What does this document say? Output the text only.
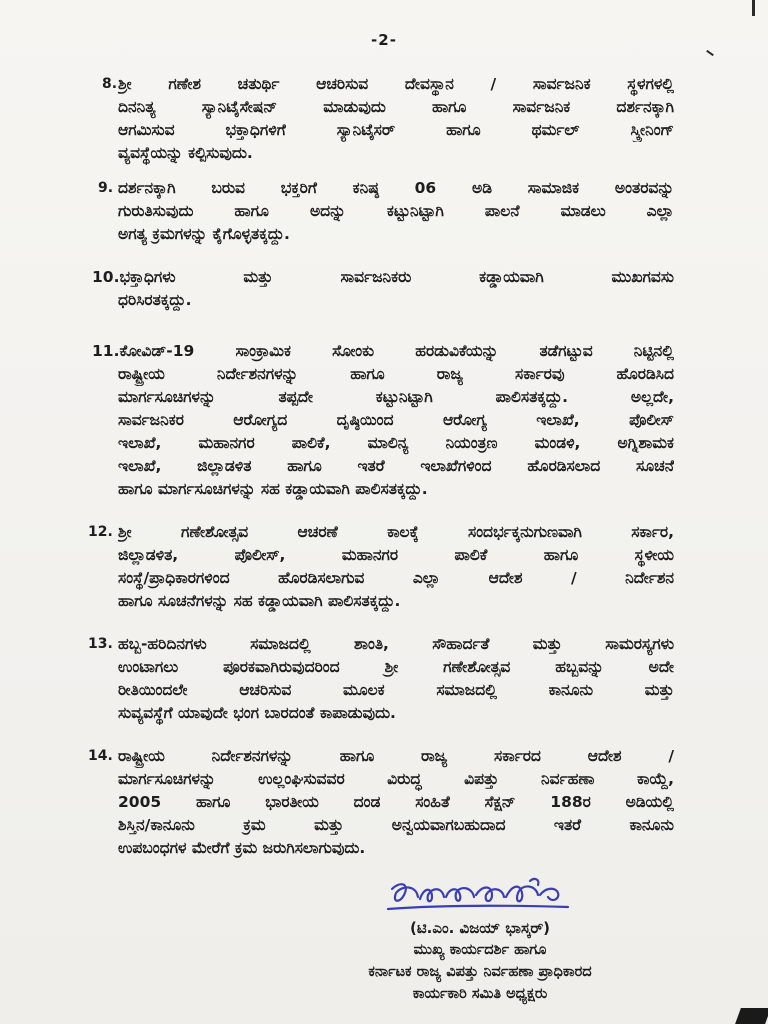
-2-
8. ಶ್ರೀ ಗಣೇಶ ಚತುರ್ಥಿ ಆಚರಿಸುವ ದೇವಸ್ಥಾನ / ಸಾರ್ವಜನಿಕ ಸ್ಥಳಗಳಲ್ಲಿ
ದಿನನಿತ್ಯ ಸ್ಯಾನಿಟೈಸೇಷನ್ ಮಾಡುವುದು ಹಾಗೂ ಸಾರ್ವಜನಿಕ ದರ್ಶನಕ್ಕಾಗಿ
ಆಗಮಿಸುವ ಭಕ್ತಾಧಿಗಳಿಗೆ ಸ್ಯಾನಿಟೈಸರ್ ಹಾಗೂ ಥರ್ಮಲ್ ಸ್ಕ್ರೀನಿಂಗ್
ವ್ಯವಸ್ಥೆಯನ್ನು ಕಲ್ಪಿಸುವುದು.
9. ದರ್ಶನಕ್ಕಾಗಿ ಬರುವ ಭಕ್ತರಿಗೆ ಕನಿಷ್ಠ 06 ಅಡಿ ಸಾಮಾಜಿಕ ಅಂತರವನ್ನು
ಗುರುತಿಸುವುದು ಹಾಗೂ ಅದನ್ನು ಕಟ್ಟುನಿಟ್ಟಾಗಿ ಪಾಲನೆ ಮಾಡಲು ಎಲ್ಲಾ
ಅಗತ್ಯ ಕ್ರಮಗಳನ್ನು ಕೈಗೊಳ್ಳತಕ್ಕದ್ದು.
10.ಭಕ್ತಾಧಿಗಳು ಮತ್ತು ಸಾರ್ವಜನಿಕರು ಕಡ್ಡಾಯವಾಗಿ ಮುಖಗವಸು
ಧರಿಸಿರತಕ್ಕದ್ದು.
11.ಕೋವಿಡ್-19 ಸಾಂಕ್ರಾಮಿಕ ಸೋಂಕು ಹರಡುವಿಕೆಯನ್ನು ತಡೆಗಟ್ಟುವ ನಿಟ್ಟಿನಲ್ಲಿ
ರಾಷ್ಟ್ರೀಯ ನಿರ್ದೇಶನಗಳನ್ನು ಹಾಗೂ ರಾಜ್ಯ ಸರ್ಕಾರವು ಹೊರಡಿಸಿದ
ಮಾರ್ಗಸೂಚಿಗಳನ್ನು ತಪ್ಪದೇ ಕಟ್ಟುನಿಟ್ಟಾಗಿ ಪಾಲಿಸತಕ್ಕದ್ದು. ಅಲ್ಲದೇ,
ಸಾರ್ವಜನಿಕರ ಆರೋಗ್ಯದ ದೃಷ್ಠಿಯಿಂದ ಆರೋಗ್ಯ ಇಲಾಖೆ, ಪೊಲೀಸ್
ಇಲಾಖೆ, ಮಹಾನಗರ ಪಾಲಿಕೆ, ಮಾಲಿನ್ಯ ನಿಯಂತ್ರಣ ಮಂಡಳಿ, ಅಗ್ನಿಶಾಮಕ
ಇಲಾಖೆ, ಜಿಲ್ಲಾಡಳಿತ ಹಾಗೂ ಇತರೆ ಇಲಾಖೆಗಳಿಂದ ಹೊರಡಿಸಲಾದ ಸೂಚನೆ
ಹಾಗೂ ಮಾರ್ಗಸೂಚಿಗಳನ್ನು ಸಹ ಕಡ್ಡಾಯವಾಗಿ ಪಾಲಿಸತಕ್ಕದ್ದು.
12. ಶ್ರೀ ಗಣೇಶೋತ್ಸವ ಆಚರಣೆ ಕಾಲಕ್ಕೆ ಸಂದರ್ಭಕ್ಕನುಗುಣವಾಗಿ ಸರ್ಕಾರ,
ಜಿಲ್ಲಾಡಳಿತ, ಪೊಲೀಸ್, ಮಹಾನಗರ ಪಾಲಿಕೆ ಹಾಗೂ ಸ್ಥಳೀಯ
ಸಂಸ್ಥೆ/ಪ್ರಾಧಿಕಾರಗಳಿಂದ ಹೊರಡಿಸಲಾಗುವ ಎಲ್ಲಾ ಆದೇಶ / ನಿರ್ದೇಶನ
ಹಾಗೂ ಸೂಚನೆಗಳನ್ನು ಸಹ ಕಡ್ಡಾಯವಾಗಿ ಪಾಲಿಸತಕ್ಕದ್ದು.
13. ಹಬ್ಬ-ಹರಿದಿನಗಳು ಸಮಾಜದಲ್ಲಿ ಶಾಂತಿ, ಸೌಹಾರ್ದತೆ ಮತ್ತು ಸಾಮರಸ್ಯಗಳು
ಉಂಟಾಗಲು ಪೂರಕವಾಗಿರುವುದರಿಂದ ಶ್ರೀ ಗಣೇಶೋತ್ಸವ ಹಬ್ಬವನ್ನು ಅದೇ
ರೀತಿಯಿಂದಲೇ ಆಚರಿಸುವ ಮೂಲಕ ಸಮಾಜದಲ್ಲಿ ಕಾನೂನು ಮತ್ತು
ಸುವ್ಯವಸ್ಥೆಗೆ ಯಾವುದೇ ಭಂಗ ಬಾರದಂತೆ ಕಾಪಾಡುವುದು.
14. ರಾಷ್ಟ್ರೀಯ ನಿರ್ದೇಶನಗಳನ್ನು ಹಾಗೂ ರಾಜ್ಯ ಸರ್ಕಾರದ ಆದೇಶ /
ಮಾರ್ಗಸೂಚಿಗಳನ್ನು ಉಲ್ಲಂಘಿಸುವವರ ವಿರುದ್ಧ ವಿಪತ್ತು ನಿರ್ವಹಣಾ ಕಾಯ್ದೆ,
2005 ಹಾಗೂ ಭಾರತೀಯ ದಂಡ ಸಂಹಿತೆ ಸೆಕ್ಷನ್ 188ರ ಅಡಿಯಲ್ಲಿ
ಶಿಸ್ತಿನ/ಕಾನೂನು ಕ್ರಮ ಮತ್ತು ಅನ್ವಯವಾಗಬಹುದಾದ ಇತರೆ ಕಾನೂನು
ಉಪಬಂಧಗಳ ಮೇರೆಗೆ ಕ್ರಮ ಜರುಗಿಸಲಾಗುವುದು.
(ಟಿ.ಎಂ. ವಿಜಯ್ ಭಾಸ್ಕರ್)
ಮುಖ್ಯ ಕಾರ್ಯದರ್ಶಿ ಹಾಗೂ
ಕರ್ನಾಟಕ ರಾಜ್ಯ ವಿಪತ್ತು ನಿರ್ವಹಣಾ ಪ್ರಾಧಿಕಾರದ
ಕಾರ್ಯಕಾರಿ ಸಮಿತಿ ಅಧ್ಯಕ್ಷರು
